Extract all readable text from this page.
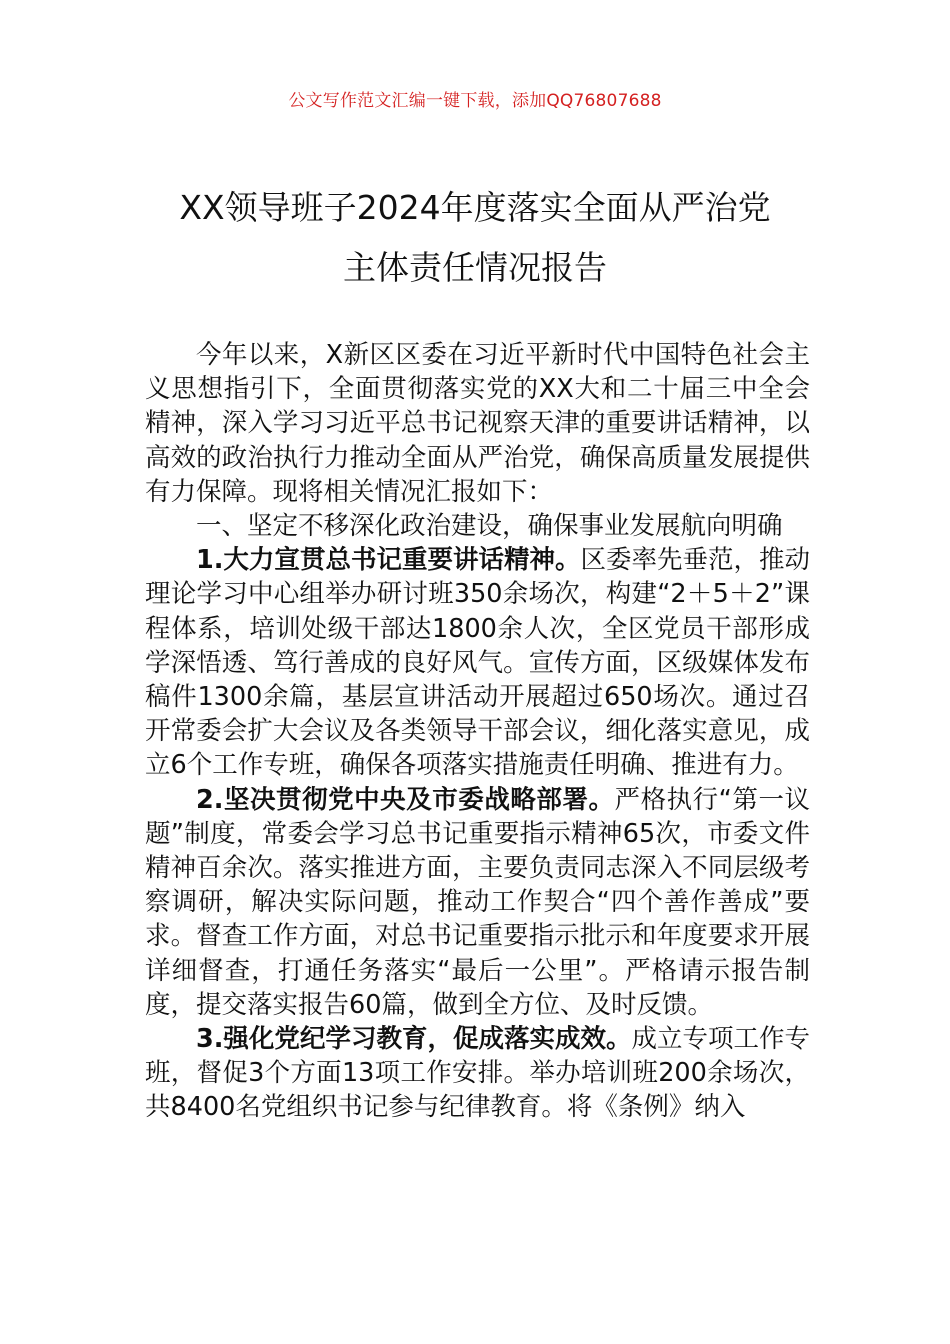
公文写作范文汇编一键下载，添加QQ76807688
XX领导班子2024年度落实全面从严治党
主体责任情况报告

今年以来，X新区区委在习近平新时代中国特色社会主义思想指引下，全面贯彻落实党的XX大和二十届三中全会精神，深入学习习近平总书记视察天津的重要讲话精神，以高效的政治执行力推动全面从严治党，确保高质量发展提供有力保障。现将相关情况汇报如下：

一、坚定不移深化政治建设，确保事业发展航向明确

1.大力宣贯总书记重要讲话精神。区委率先垂范，推动理论学习中心组举办研讨班350余场次，构建“2＋5＋2”课程体系，培训处级干部达1800余人次，全区党员干部形成学深悟透、笃行善成的良好风气。宣传方面，区级媒体发布稿件1300余篇，基层宣讲活动开展超过650场次。通过召开常委会扩大会议及各类领导干部会议，细化落实意见，成立6个工作专班，确保各项落实措施责任明确、推进有力。

2.坚决贯彻党中央及市委战略部署。严格执行“第一议题”制度，常委会学习总书记重要指示精神65次，市委文件精神百余次。落实推进方面，主要负责同志深入不同层级考察调研，解决实际问题，推动工作契合“四个善作善成”要求。督查工作方面，对总书记重要指示批示和年度要求开展详细督查，打通任务落实“最后一公里”。严格请示报告制度，提交落实报告60篇，做到全方位、及时反馈。

3.强化党纪学习教育，促成落实成效。成立专项工作专班，督促3个方面13项工作安排。举办培训班200余场次，共8400名党组织书记参与纪律教育。将《条例》纳入
